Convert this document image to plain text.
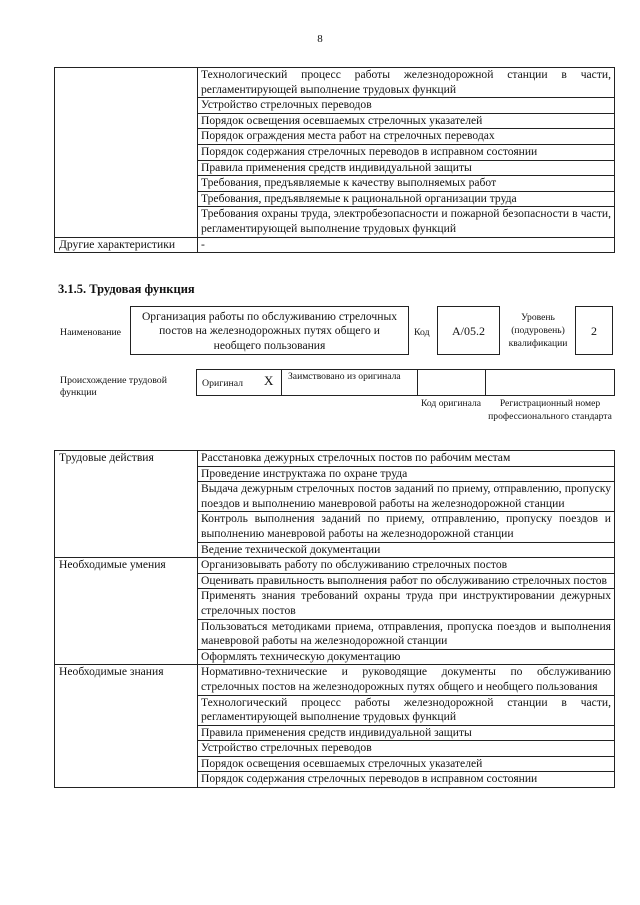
8
	Технологический процесс работы железнодорожной станции в части, регламентирующей выполнение трудовых функций
	Устройство стрелочных переводов
	Порядок освещения осевшаемых стрелочных указателей
	Порядок ограждения места работ на стрелочных переводах
	Порядок содержания стрелочных переводов в исправном состоянии
	Правила применения средств индивидуальной защиты
	Требования, предъявляемые к качеству выполняемых работ
	Требования, предъявляемые к рациональной организации труда
	Требования охраны труда, электробезопасности и пожарной безопасности в части, регламентирующей выполнение трудовых функций
Другие характеристики	-
3.1.5. Трудовая функция
Наименование
Организация работы по обслуживанию стрелочных постов на железнодорожных путях общего и необщего пользования
Код	А/05.2
Уровень (подуровень) квалификации
2
Происхождение трудовой функции
Оригинал X Заимствовано из оригинала
Код оригинала	Регистрационный номер профессионального стандарта
Трудовые действия	Расстановка дежурных стрелочных постов по рабочим местам
	Проведение инструктажа по охране труда
	Выдача дежурным стрелочных постов заданий по приему, отправлению, пропуску поездов и выполнению маневровой работы на железнодорожной станции
	Контроль выполнения заданий по приему, отправлению, пропуску поездов и выполнению маневровой работы на железнодорожной станции
	Ведение технической документации
Необходимые умения	Организовывать работу по обслуживанию стрелочных постов
	Оценивать правильность выполнения работ по обслуживанию стрелочных постов
	Применять знания требований охраны труда при инструктировании дежурных стрелочных постов
	Пользоваться методиками приема, отправления, пропуска поездов и выполнения маневровой работы на железнодорожной станции
	Оформлять техническую документацию
Необходимые знания	Нормативно-технические и руководящие документы по обслуживанию стрелочных постов на железнодорожных путях общего и необщего пользования
	Технологический процесс работы железнодорожной станции в части, регламентирующей выполнение трудовых функций
	Правила применения средств индивидуальной защиты
	Устройство стрелочных переводов
	Порядок освещения осевшаемых стрелочных указателей
	Порядок содержания стрелочных переводов в исправном состоянии
